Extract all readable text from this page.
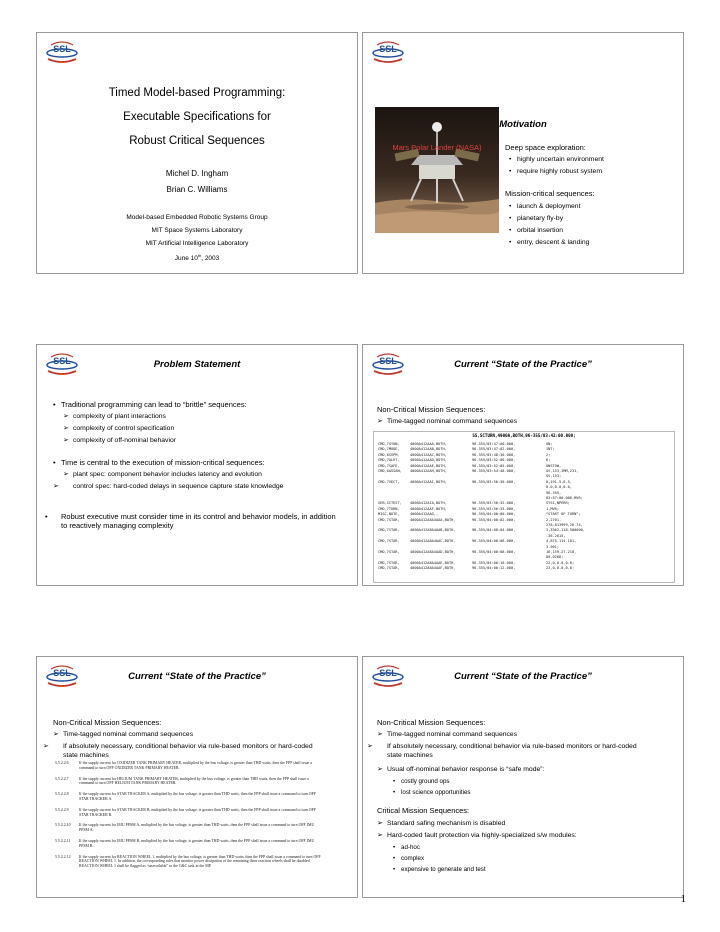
SSL
Timed Model-based Programming:
Executable Specifications for
Robust Critical Sequences
Michel D. Ingham
Brian C. Williams
Model-based Embedded Robotic Systems Group
MIT Space Systems Laboratory
MIT Artificial Intelligence Laboratory
June 10th, 2003
SSL
Motivation
Mars Polar Lander (NASA)	Deep space exploration:
• highly uncertain environment
• require highly robust system
Mission-critical sequences:
• launch & deployment
• planetary fly-by
• orbital insertion
• entry, descent & landing
SSL	Problem Statement
• Traditional programming can lead to “brittle” sequences:
➢ complexity of plant interactions
➢ complexity of control specification
➢ complexity of off-nominal behavior
• Time is central to the execution of mission-critical sequences:
➢ plant spec: component behavior includes latency and evolution
➢ control spec: hard-coded delays in sequence capture state knowledge
• Robust executive must consider time in its control and behavior models, in addition to reactively managing complexity
SSL	Current “State of the Practice”
Non-Critical Mission Sequences:
➢ Time-tagged nominal command sequences
SS,SCTURN,4900A,BOTH,96-355/03:42:00.000;
CMD,7GYON,	4000A412AAA,BOTH,	96-355/03:47:00.000,	ON;
CMD,7MODE,	4000A412AAB,BOTH,	96-355/03:47:02.000,	INT;
CMD,6SVPM,	4000A412AAC,BOTH,	96-355/03:48:30.000,	2;
CMD,7ALRT,	4000A412AAD,BOTH,	96-355/03:52:00.000,	6;
CMD,7SAFE,	4000A412AAE,BOTH,	96-355/03:52:05.000,	UNSTOW,
CMD,6ASSAN, 4000A412AAH,BOTH,	96-355/03:54:48.000,	GV,153,IMM,231,
GV,153;
CMD,7VECT,	4000A412AAI,BOTH,	96-355/03:56:30.000,	0,191.5,6.5,
0.0,0.0,0.0,
96-355,
03:57:00.000,MVR;
SEB,SCTEST, 4000A412AIA,BOTH,	96-355/03:56:32.000,	SYS1,NPERR;
CMD,7TURN,	4000A412AAF,BOTH,	96-355/03:56:33.000,	1,MVR;
MISC,NOTE,	4000A412AAG,,	96-355/04:00:00.000,	“START OF TURN”;
CMD,7STAR,	4000A412A8A4AAA,BOTH,	96-355/04:00:02.000,	2,2701,
278.813999,26.74,
CMD,7STAR,	4000A412A8A4AAB,BOTH,	96-355/04:00:04.000,	3,3362,118.500000,
-36.2615,
CMD,7STAR,	4000A412A8A4AAC,BOTH,	96-355/04:00:06.000,	4,875,114.181,
3.901;
CMD,7STAR,	4000A412A8A4AAD,BOTH,	96-355/04:00:08.000,	16,159,27.218,
89.0268;
CMD,7STAR,	4000A412A8A4AAE,BOTH,	96-355/04:00:10.000,	22,0,0.0,0.0;
CMD,7STAR,	4000A412A8A4AAF,BOTH,	96-355/04:00:12.000,	23,0,0.0,0.0;
SSL	Current “State of the Practice”
Non-Critical Mission Sequences:
➢ Time-tagged nominal command sequences
➢ If absolutely necessary, conditional behavior via rule-based monitors or hard-coded state machines
5.5.2.2.6	If the supply current for OXIDIZER TANK PRIMARY HEATER, multiplied by the bus voltage, is greater than THD watts, then the FPP shall issue a command to turn OFF OXIDIZER TANK PRIMARY HEATER.
5.5.2.2.7	If the supply current for HELIUM TANK PRIMARY HEATER, multiplied by the bus voltage, is greater than THD watts, then the FPP shall issue a command to turn OFF HELIUM TANK PRIMARY HEATER.
5.5.2.2.8	If the supply current for STAR TRACKER A, multiplied by the bus voltage, is greater than THD watts, then the FPP shall issue a command to turn OFF STAR TRACKER A.
5.5.2.2.9	If the supply current for STAR TRACKER B, multiplied by the bus voltage, is greater than THD watts, then the FPP shall issue a command to turn OFF STAR TRACKER B.
5.5.2.2.10 If the supply current for IMU PPSM A, multiplied by the bus voltage, is greater than THD watts, then the FPP shall issue a command to turn OFF IMU PPSM A.
5.5.2.2.11 If the supply current for IMU PPSM B, multiplied by the bus voltage, is greater than THD watts, then the FPP shall issue a command to turn OFF IMU PPSM B.
5.5.2.2.12 If the supply current for REACTION WHEEL 1, multiplied by the bus voltage, is greater than THD watts, then the FPP shall issue a command to turn OFF REACTION WHEEL 1. In addition, the corresponding rules that monitor power dissipation of the remaining three reaction wheels shall be disabled. REACTION WHEEL 1 shall be flagged as “unavailable” to the G&C task in the MP.
SSL	Current “State of the Practice”
Non-Critical Mission Sequences:
➢ Time-tagged nominal command sequences
➢ If absolutely necessary, conditional behavior via rule-based monitors or hard-coded state machines
➢ Usual off-nominal behavior response is “safe mode”:
• costly ground ops
• lost science opportunities
Critical Mission Sequences:
➢ Standard safing mechanism is disabled
➢ Hard-coded fault protection via highly-specialized s/w modules:
• ad-hoc
• complex
• expensive to generate and test
1
